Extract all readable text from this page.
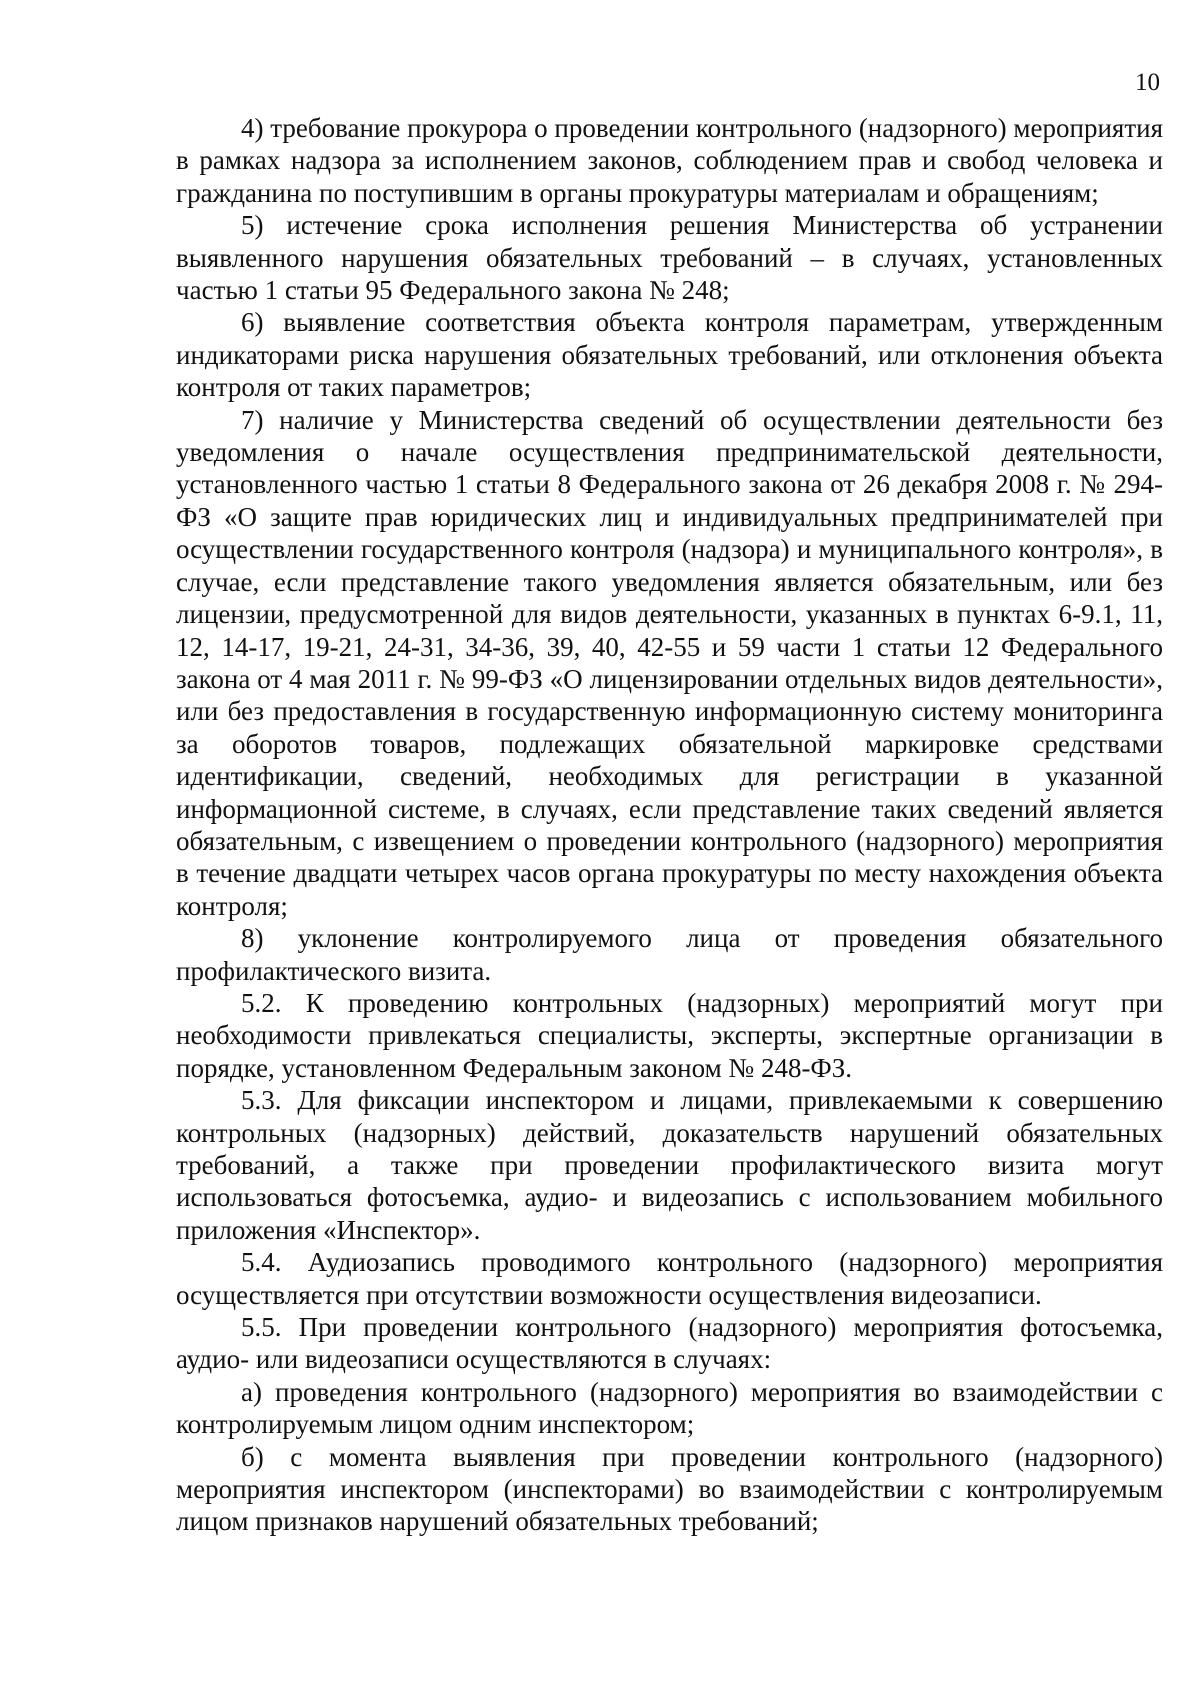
10

4) требование прокурора о проведении контрольного (надзорного) мероприятия в рамках надзора за исполнением законов, соблюдением прав и свобод человека и гражданина по поступившим в органы прокуратуры материалам и обращениям;

5) истечение срока исполнения решения Министерства об устранении выявленного нарушения обязательных требований – в случаях, установленных частью 1 статьи 95 Федерального закона № 248;

6) выявление соответствия объекта контроля параметрам, утвержденным индикаторами риска нарушения обязательных требований, или отклонения объекта контроля от таких параметров;

7) наличие у Министерства сведений об осуществлении деятельности без уведомления о начале осуществления предпринимательской деятельности, установленного частью 1 статьи 8 Федерального закона от 26 декабря 2008 г. № 294-ФЗ «О защите прав юридических лиц и индивидуальных предпринимателей при осуществлении государственного контроля (надзора) и муниципального контроля», в случае, если представление такого уведомления является обязательным, или без лицензии, предусмотренной для видов деятельности, указанных в пунктах 6-9.1, 11, 12, 14-17, 19-21, 24-31, 34-36, 39, 40, 42-55 и 59 части 1 статьи 12 Федерального закона от 4 мая 2011 г. № 99-ФЗ «О лицензировании отдельных видов деятельности», или без предоставления в государственную информационную систему мониторинга за оборотов товаров, подлежащих обязательной маркировке средствами идентификации, сведений, необходимых для регистрации в указанной информационной системе, в случаях, если представление таких сведений является обязательным, с извещением о проведении контрольного (надзорного) мероприятия в течение двадцати четырех часов органа прокуратуры по месту нахождения объекта контроля;

8) уклонение контролируемого лица от проведения обязательного профилактического визита.

5.2. К проведению контрольных (надзорных) мероприятий могут при необходимости привлекаться специалисты, эксперты, экспертные организации в порядке, установленном Федеральным законом № 248-ФЗ.

5.3. Для фиксации инспектором и лицами, привлекаемыми к совершению контрольных (надзорных) действий, доказательств нарушений обязательных требований, а также при проведении профилактического визита могут использоваться фотосъемка, аудио- и видеозапись с использованием мобильного приложения «Инспектор».

5.4. Аудиозапись проводимого контрольного (надзорного) мероприятия осуществляется при отсутствии возможности осуществления видеозаписи.

5.5. При проведении контрольного (надзорного) мероприятия фотосъемка, аудио- или видеозаписи осуществляются в случаях:

а) проведения контрольного (надзорного) мероприятия во взаимодействии с контролируемым лицом одним инспектором;

б) с момента выявления при проведении контрольного (надзорного) мероприятия инспектором (инспекторами) во взаимодействии с контролируемым лицом признаков нарушений обязательных требований;
